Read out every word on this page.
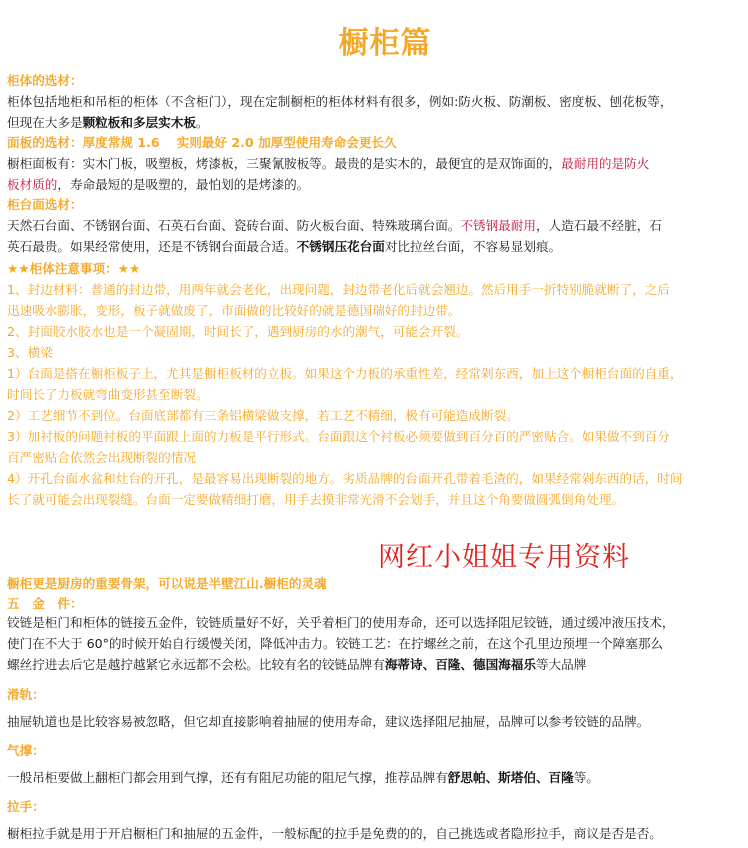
橱柜篇
柜体的选材：
柜体包括地柜和吊柜的柜体（不含柜门），现在定制橱柜的柜体材料有很多，例如:防火板、防潮板、密度板、刨花板等，
但现在大多是颗粒板和多层实木板。
面板的选材：厚度常规 1.6　 实则最好 2.0 加厚型使用寿命会更长久
橱柜面板有：实木门板，吸塑板，烤漆板，三聚氰胺板等。最贵的是实木的，最便宜的是双饰面的，最耐用的是防火
板材质的，寿命最短的是吸塑的，最怕划的是烤漆的。
柜台面选材：
天然石台面、不锈钢台面、石英石台面、瓷砖台面、防火板台面、特殊玻璃台面。不锈钢最耐用，人造石最不经脏，石
英石最贵。如果经常使用，还是不锈钢台面最合适。不锈钢压花台面对比拉丝台面，不容易显划痕。
★★柜体注意事项：★★
1、封边材料：普通的封边带，用两年就会老化，出现问题，封边带老化后就会翘边。然后用手一折特别脆就断了，之后
迅速吸水膨胀，变形，板子就做废了，市面做的比较好的就是德国瑞好的封边带。
2、封面胶水胶水也是一个凝固期，时间长了，遇到厨房的水的潮气，可能会开裂。
3、横梁
1）台面是搭在橱柜板子上，尤其是橱柜板材的立板。如果这个力板的承重性差，经常剁东西，加上这个橱柜台面的自重，
时间长了力板就弯曲变形甚至断裂。
2）工艺细节不到位。台面底部都有三条铝横梁做支撑，若工艺不精细，极有可能造成断裂。
3）加衬板的问题衬板的平面跟上面的力板是平行形式。台面跟这个衬板必须要做到百分百的严密贴合。如果做不到百分
百严密贴合依然会出现断裂的情况
4）开孔台面水盆和灶台的开孔，是最容易出现断裂的地方。劣质品牌的台面开孔带着毛渣的，如果经常剁东西的话，时间
长了就可能会出现裂缝。台面一定要做精细打磨，用手去摸非常光滑不会划手，并且这个角要做圆弧倒角处理。
网红小姐姐专用资料
橱柜更是厨房的重要骨架，可以说是半壁江山.橱柜的灵魂
五　金　件：
铰链是柜门和柜体的链接五金件，铰链质量好不好，关乎着柜门的使用寿命，还可以选择阻尼铰链，通过缓冲液压技术，
使门在不大于 60°的时候开始自行缓慢关闭，降低冲击力。铰链工艺：在拧螺丝之前，在这个孔里边预埋一个障塞那么
螺丝拧进去后它是越拧越紧它永远都不会松。比较有名的铰链品牌有海蒂诗、百隆、德国海福乐等大品牌
滑轨：
抽屉轨道也是比较容易被忽略，但它却直接影响着抽屉的使用寿命，建议选择阻尼抽屉，品牌可以参考铰链的品牌。
气撑：
一般吊柜要做上翻柜门都会用到气撑，还有有阻尼功能的阻尼气撑，推荐品牌有舒思帕、斯塔伯、百隆等。
拉手：
橱柜拉手就是用于开启橱柜门和抽屉的五金件，一般标配的拉手是免费的的，自己挑选或者隐形拉手，商议是否是否。
